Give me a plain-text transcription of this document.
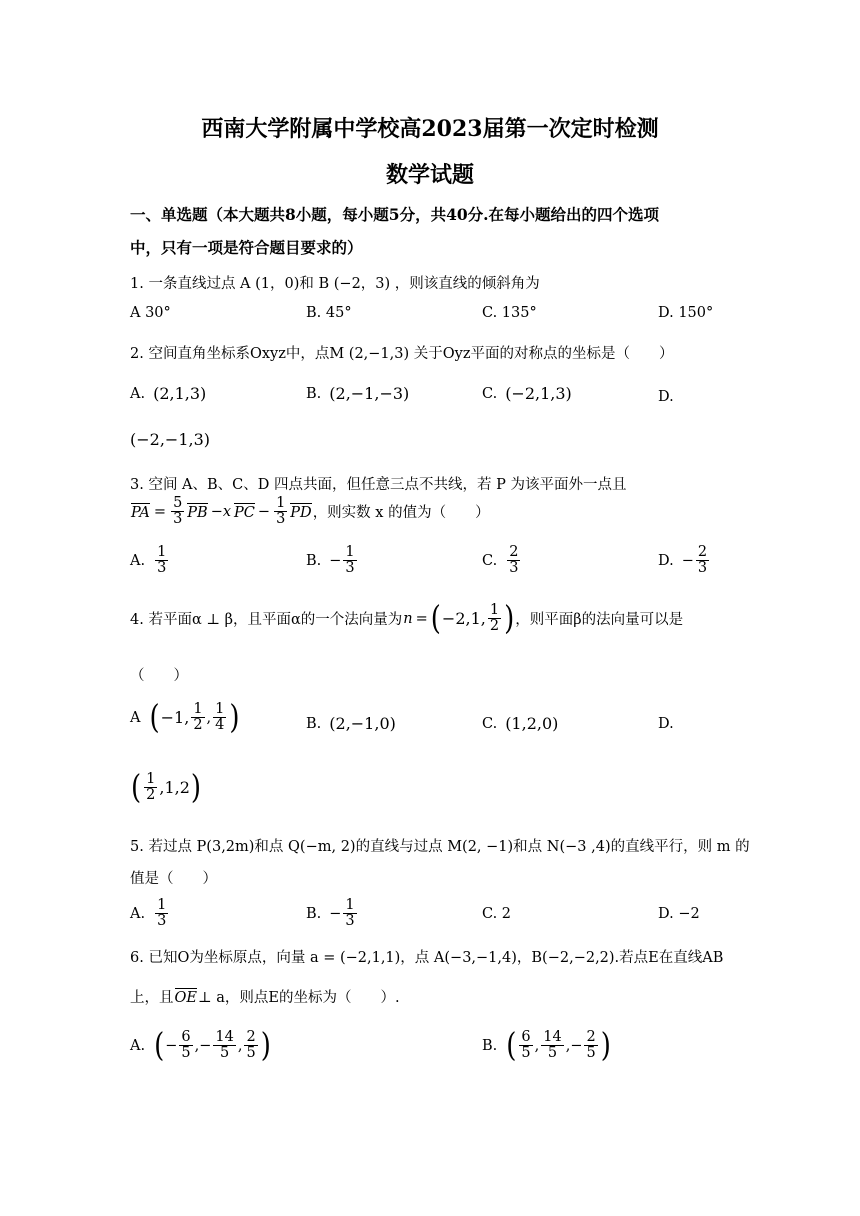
西南大学附属中学校高2023届第一次定时检测
数学试题
一、单选题（本大题共8小题，每小题5分，共40分.在每小题给出的四个选项
中，只有一项是符合题目要求的）
1. 一条直线过点 A (1，0)和 B (−2，3) ，则该直线的倾斜角为
A 30°	B. 45°	C. 135°	D. 150°
2. 空间直角坐标系Oxyz中，点M (2,−1,3) 关于Oyz平面的对称点的坐标是（　　）
A. (2,1,3)	B. (2,−1,−3)	C. (−2,1,3)	D.
(−2,−1,3)
3. 空间 A、B、C、D 四点共面，但任意三点不共线，若 P 为该平面外一点且
PA = $\frac{5}{3}$ PB −x PC − $\frac{1}{3}$ PD ，则实数 x 的值为（　　）
A. $\frac{1}{3}$	B. − $\frac{1}{3}$	C. $\frac{2}{3}$	D. − $\frac{2}{3}$
4. 若平面α ⊥ β，且平面α的一个法向量为 n = ( −2,1, $\frac{1}{2}$ ) ，则平面β的法向量可以是
（　　）
A ( −1, $\frac{1}{2}$ , $\frac{1}{4}$ )	B. (2,−1,0)	C. (1,2,0)	D.
( $\frac{1}{2} ,1,2$ )
5. 若过点 P(3,2m)和点 Q(−m, 2)的直线与过点 M(2, −1)和点 N(−3 ,4)的直线平行，则 m 的
值是（　　）
A. $\frac{1}{3}$	B. − $\frac{1}{3}$	C. 2	D. −2
6. 已知O为坐标原点，向量 a = (−2,1,1)，点 A(−3,−1,4)，B(−2,−2,2).若点E在直线AB
上，且 OE ⊥ a，则点E的坐标为（　　）.
A. ( − $\frac{6}{5}$ ,− $\frac{14}{5}$ , $\frac{2}{5}$ )	B. ( $\frac{6}{5}$ , $\frac{14}{5}$ ,− $\frac{2}{5}$ )
